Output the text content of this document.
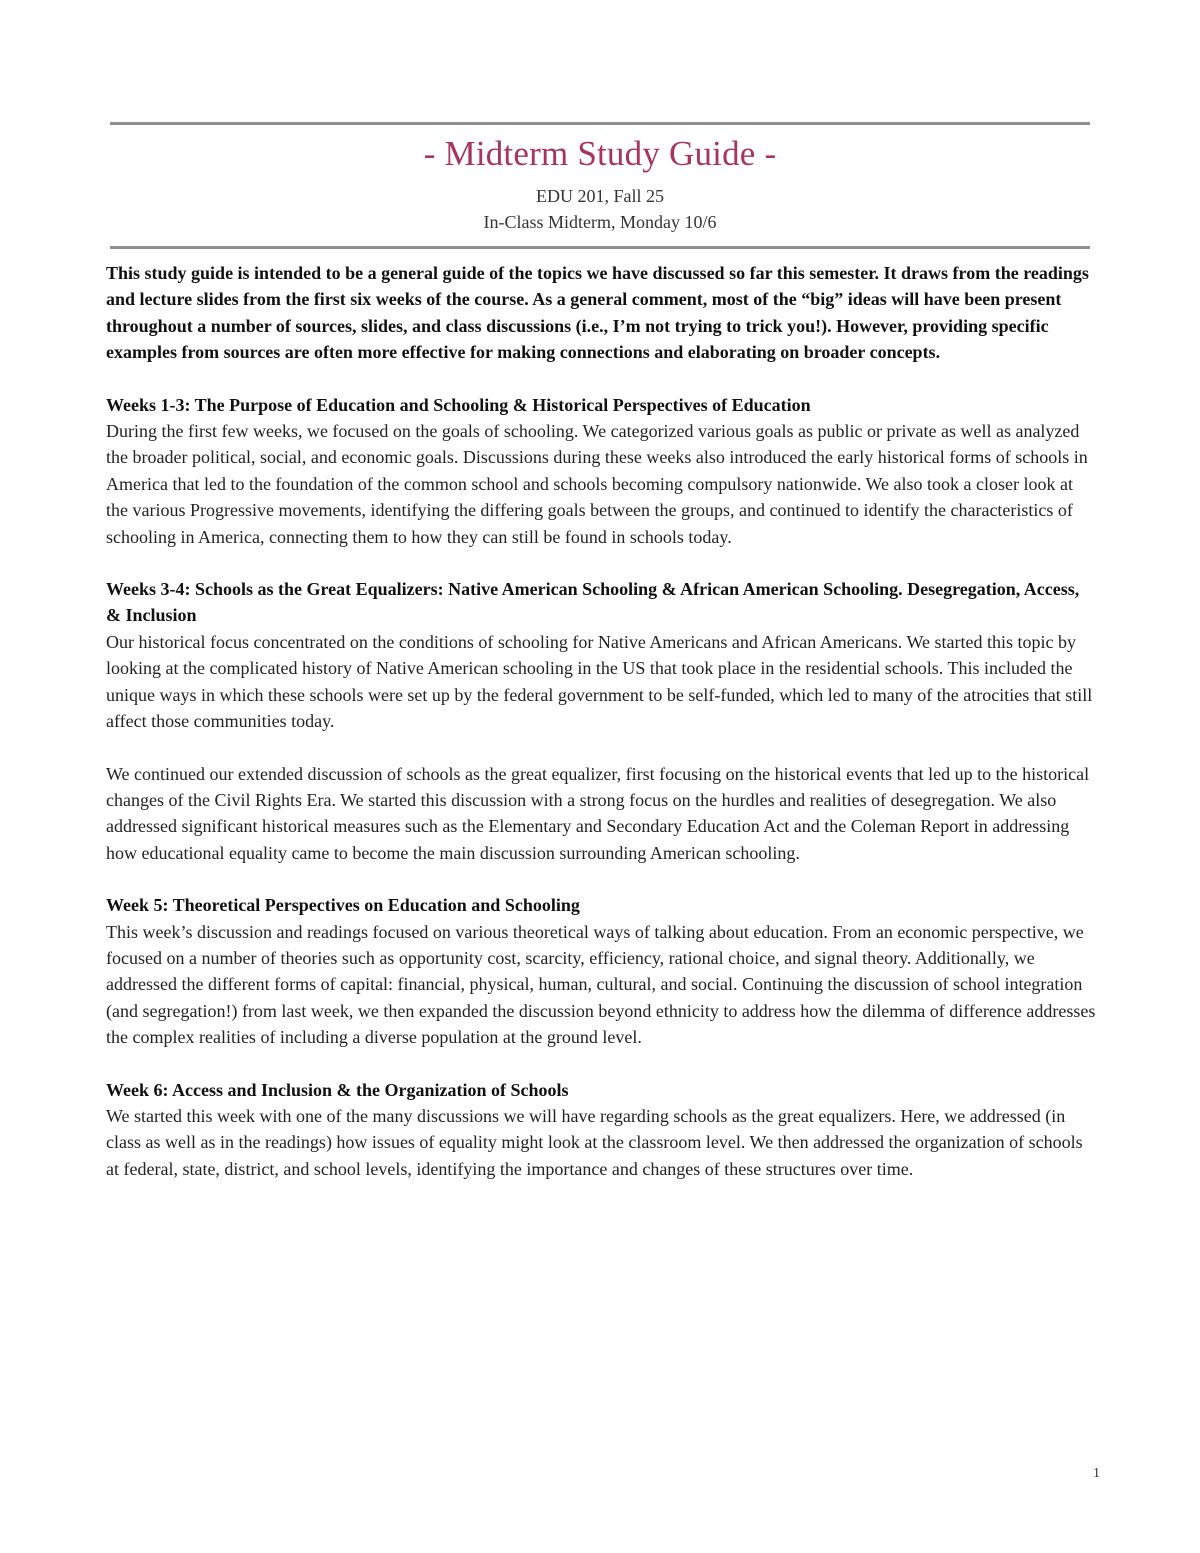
- Midterm Study Guide -
EDU 201, Fall 25
In-Class Midterm, Monday 10/6

This study guide is intended to be a general guide of the topics we have discussed so far this semester. It draws from the readings and lecture slides from the first six weeks of the course. As a general comment, most of the “big” ideas will have been present throughout a number of sources, slides, and class discussions (i.e., I’m not trying to trick you!). However, providing specific examples from sources are often more effective for making connections and elaborating on broader concepts.

Weeks 1-3: The Purpose of Education and Schooling & Historical Perspectives of Education

During the first few weeks, we focused on the goals of schooling. We categorized various goals as public or private as well as analyzed the broader political, social, and economic goals. Discussions during these weeks also introduced the early historical forms of schools in America that led to the foundation of the common school and schools becoming compulsory nationwide. We also took a closer look at the various Progressive movements, identifying the differing goals between the groups, and continued to identify the characteristics of schooling in America, connecting them to how they can still be found in schools today.

Weeks 3-4: Schools as the Great Equalizers: Native American Schooling & African American Schooling. Desegregation, Access, & Inclusion

Our historical focus concentrated on the conditions of schooling for Native Americans and African Americans. We started this topic by looking at the complicated history of Native American schooling in the US that took place in the residential schools. This included the unique ways in which these schools were set up by the federal government to be self-funded, which led to many of the atrocities that still affect those communities today.

We continued our extended discussion of schools as the great equalizer, first focusing on the historical events that led up to the historical changes of the Civil Rights Era. We started this discussion with a strong focus on the hurdles and realities of desegregation. We also addressed significant historical measures such as the Elementary and Secondary Education Act and the Coleman Report in addressing how educational equality came to become the main discussion surrounding American schooling.

Week 5: Theoretical Perspectives on Education and Schooling

This week’s discussion and readings focused on various theoretical ways of talking about education. From an economic perspective, we focused on a number of theories such as opportunity cost, scarcity, efficiency, rational choice, and signal theory. Additionally, we addressed the different forms of capital: financial, physical, human, cultural, and social. Continuing the discussion of school integration (and segregation!) from last week, we then expanded the discussion beyond ethnicity to address how the dilemma of difference addresses the complex realities of including a diverse population at the ground level.

Week 6: Access and Inclusion & the Organization of Schools

We started this week with one of the many discussions we will have regarding schools as the great equalizers. Here, we addressed (in class as well as in the readings) how issues of equality might look at the classroom level. We then addressed the organization of schools at federal, state, district, and school levels, identifying the importance and changes of these structures over time.

1
